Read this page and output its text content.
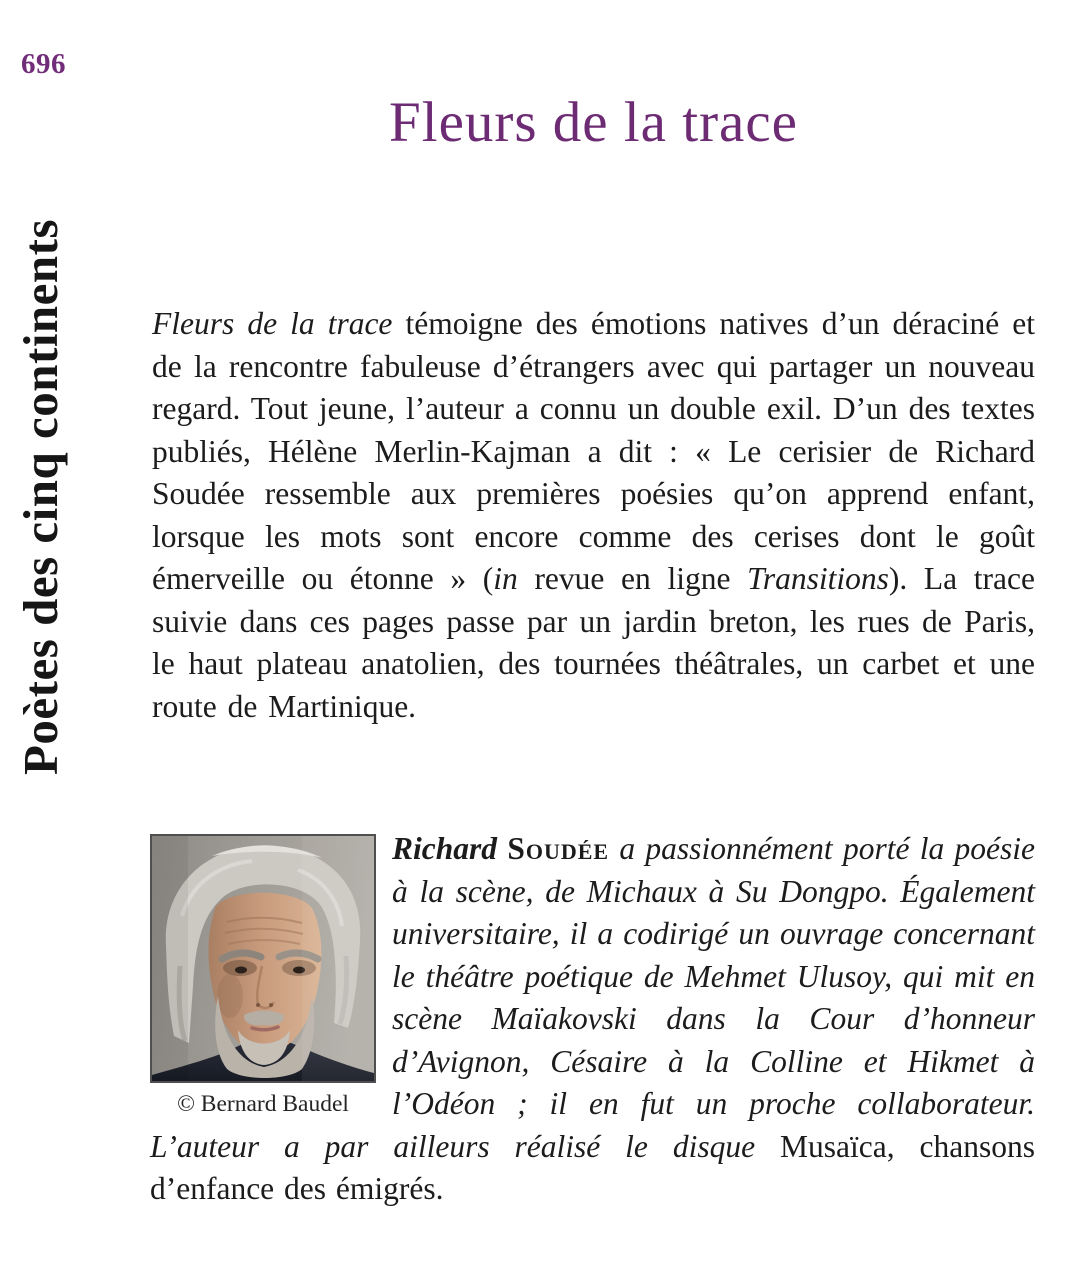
696
Poètes des cinq continents
Fleurs de la trace

Fleurs de la trace témoigne des émotions natives d’un déraciné et de la rencontre fabuleuse d’étrangers avec qui partager un nouveau regard. Tout jeune, l’auteur a connu un double exil. D’un des textes publiés, Hélène Merlin-Kajman a dit : « Le cerisier de Richard Soudée ressemble aux premières poésies qu’on apprend enfant, lorsque les mots sont encore comme des cerises dont le goût émerveille ou étonne » (in revue en ligne Transitions). La trace suivie dans ces pages passe par un jardin breton, les rues de Paris, le haut plateau anatolien, des tournées théâtrales, un carbet et une route de Martinique.

© Bernard Baudel

Richard Soudée a passionnément porté la poésie à la scène, de Michaux à Su Dongpo. Également universitaire, il a codirigé un ouvrage concernant le théâtre poétique de Mehmet Ulusoy, qui mit en scène Maïakovski dans la Cour d’honneur d’Avignon, Césaire à la Colline et Hikmet à l’Odéon ; il en fut un proche collaborateur. L’auteur a par ailleurs réalisé le disque Musaïca, chansons d’enfance des émigrés.
